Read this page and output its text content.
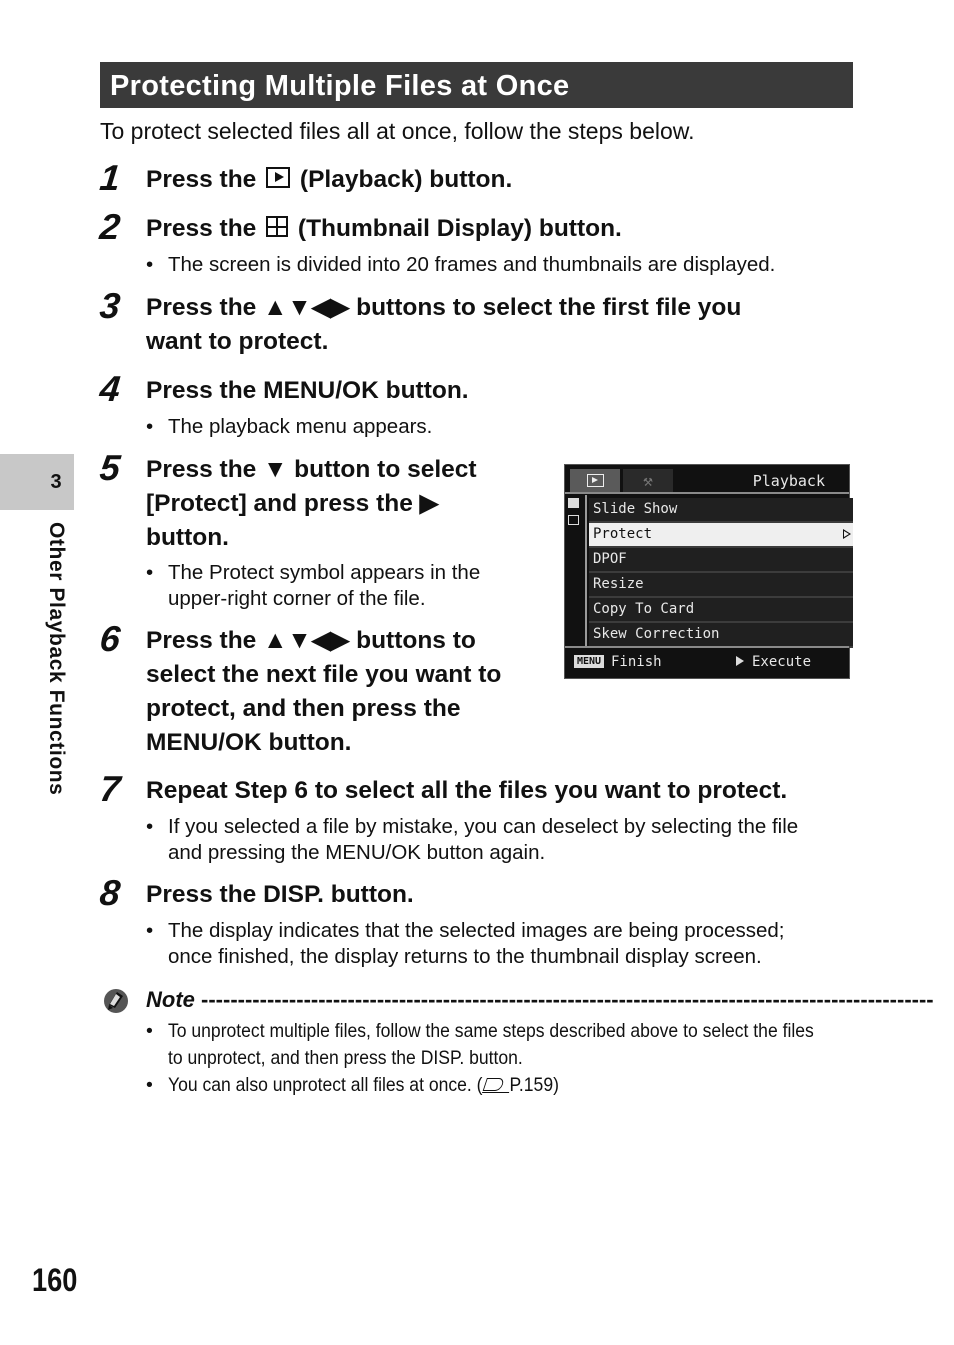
Protecting Multiple Files at Once
To protect selected files all at once, follow the steps below.
3
Other Playback Functions
1 Press the  (Playback) button.
2 Press the  (Thumbnail Display) button.
• The screen is divided into 20 frames and thumbnails are displayed.
3 Press the ▲▼◀▶ buttons to select the first file you
want to protect.
4 Press the MENU/OK button.
• The playback menu appears.
5 Press the ▼ button to select
[Protect] and press the ▶
button.
• The Protect symbol appears in the
upper-right corner of the file.
⚒	Playback
Slide Show
Protect
DPOF
Resize
Copy To Card
Skew Correction
MENU Finish	Execute
6 Press the ▲▼◀▶ buttons to
select the next file you want to
protect, and then press the
MENU/OK button.
7 Repeat Step 6 to select all the files you want to protect.
• If you selected a file by mistake, you can deselect by selecting the file
and pressing the MENU/OK button again.
8 Press the DISP. button.
• The display indicates that the selected images are being processed;
once finished, the display returns to the thumbnail display screen.
Note ----------------------------------------------------------------------------------------------------
• To unprotect multiple files, follow the same steps described above to select the files
to unprotect, and then press the DISP. button.
• You can also unprotect all files at once. ( P.159)
160
